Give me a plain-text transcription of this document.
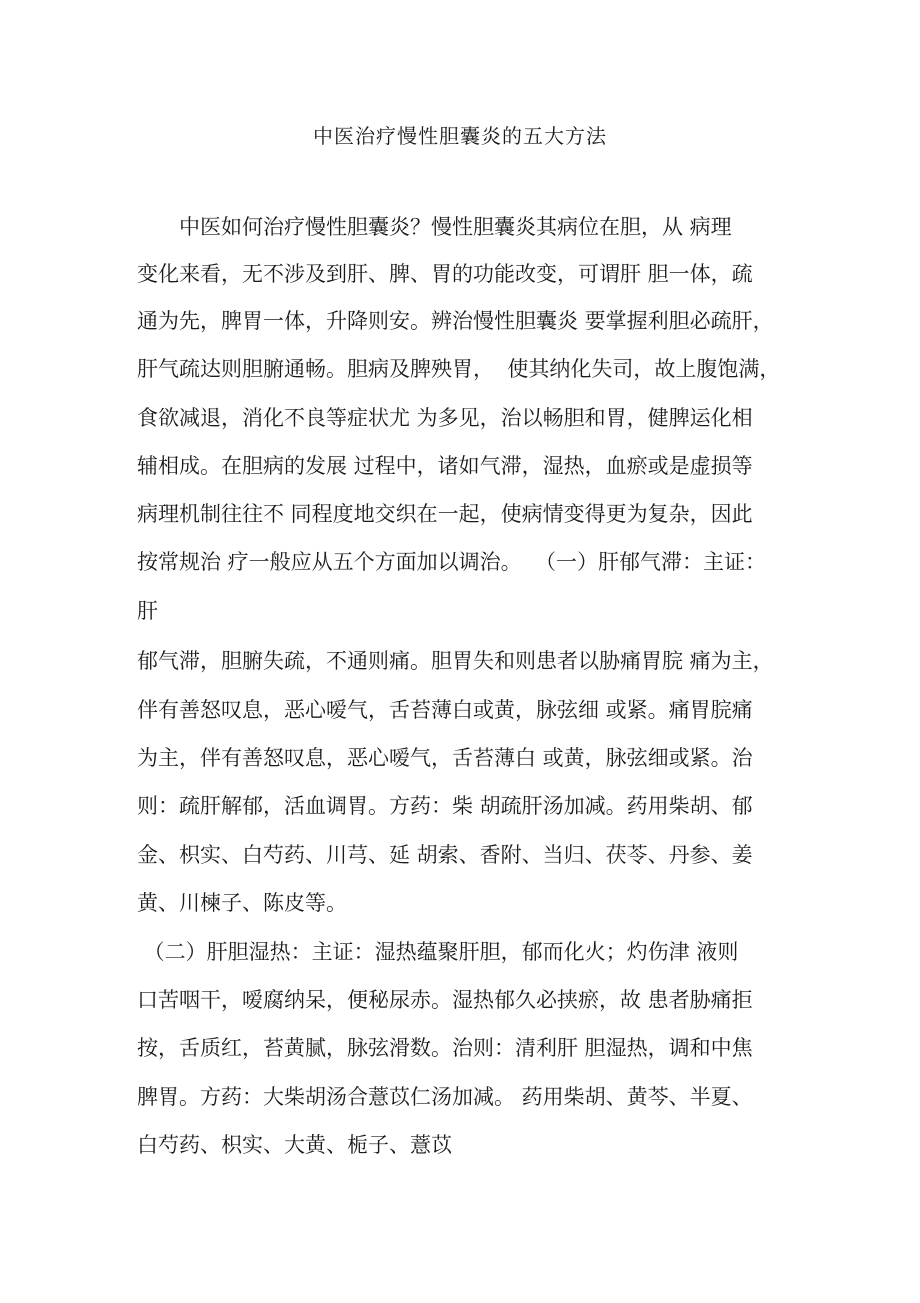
中医治疗慢性胆囊炎的五大方法
　　中医如何治疗慢性胆囊炎？慢性胆囊炎其病位在胆，从 病理
变化来看，无不涉及到肝、脾、胃的功能改变，可谓肝 胆一体，疏
通为先，脾胃一体，升降则安。辨治慢性胆囊炎 要掌握利胆必疏肝，
肝气疏达则胆腑通畅。胆病及脾殃胃，  使其纳化失司，故上腹饱满，
食欲减退，消化不良等症状尤 为多见，治以畅胆和胃，健脾运化相
辅相成。在胆病的发展 过程中，诸如气滞，湿热，血瘀或是虚损等
病理机制往往不 同程度地交织在一起，使病情变得更为复杂，因此
按常规治 疗一般应从五个方面加以调治。  （一）肝郁气滞：主证：
肝
郁气滞，胆腑失疏，不通则痛。胆胃失和则患者以胁痛胃脘 痛为主，
伴有善怒叹息，恶心嗳气，舌苔薄白或黄，脉弦细 或紧。痛胃脘痛
为主，伴有善怒叹息，恶心嗳气，舌苔薄白 或黄，脉弦细或紧。治
则：疏肝解郁，活血调胃。方药：柴 胡疏肝汤加减。药用柴胡、郁
金、枳实、白芍药、川芎、延 胡索、香附、当归、茯苓、丹参、姜
黄、川楝子、陈皮等。
（二）肝胆湿热：主证：湿热蕴聚肝胆，郁而化火；灼伤津 液则
口苦咽干，嗳腐纳呆，便秘尿赤。湿热郁久必挟瘀，故 患者胁痛拒
按，舌质红，苔黄腻，脉弦滑数。治则：清利肝 胆湿热，调和中焦
脾胃。方药：大柴胡汤合薏苡仁汤加减。 药用柴胡、黄芩、半夏、
白芍药、枳实、大黄、栀子、薏苡
